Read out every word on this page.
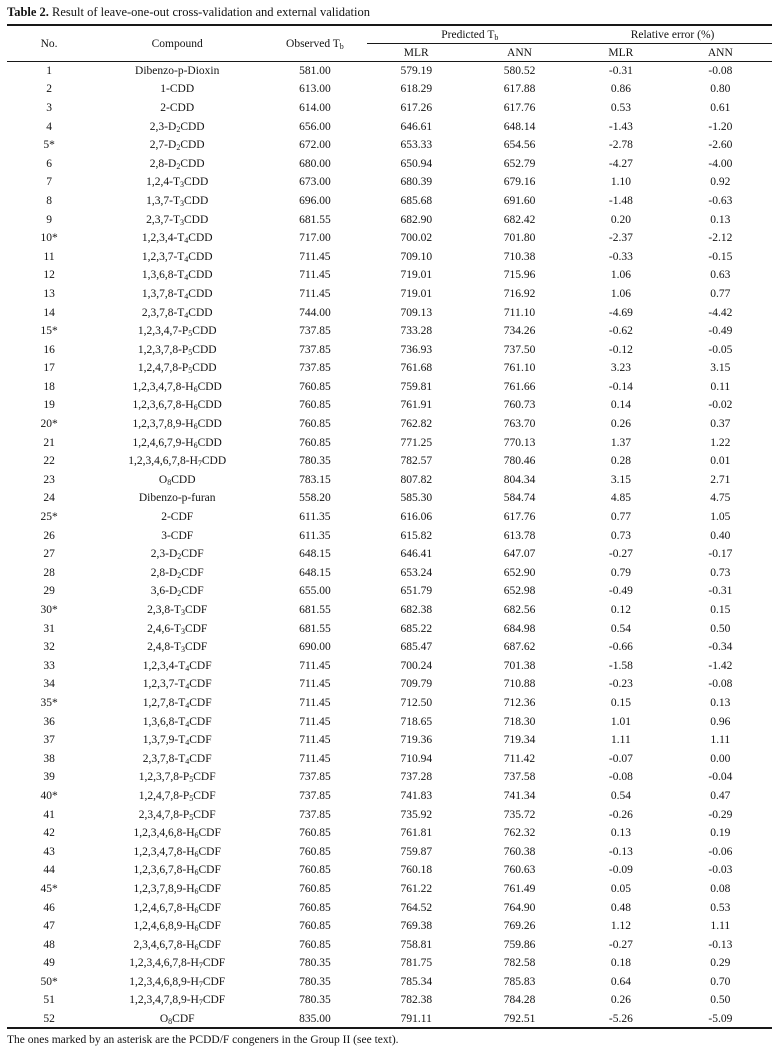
Table 2. Result of leave-one-out cross-validation and external validation
No.	Compound	Observed $T_b$	Predicted $T_b$		Relative error (%)	
			MLR	ANN	MLR	ANN
1	Dibenzo-p-Dioxin	581.00	579.19	580.52	-0.31	-0.08
2	1-CDD	613.00	618.29	617.88	0.86	0.80
3	2-CDD	614.00	617.26	617.76	0.53	0.61
4	$2,3-D_2CDD$	656.00	646.61	648.14	-1.43	-1.20
5*	$2,7-D_2CDD$	672.00	653.33	654.56	-2.78	-2.60
6	$2,8-D_2CDD$	680.00	650.94	652.79	-4.27	-4.00
7	$1,2,4-T_3CDD$	673.00	680.39	679.16	1.10	0.92
8	$1,3,7-T_3CDD$	696.00	685.68	691.60	-1.48	-0.63
9	$2,3,7-T_3CDD$	681.55	682.90	682.42	0.20	0.13
10*	$1,2,3,4-T_4CDD$	717.00	700.02	701.80	-2.37	-2.12
11	$1,2,3,7-T_4CDD$	711.45	709.10	710.38	-0.33	-0.15
12	$1,3,6,8-T_4CDD$	711.45	719.01	715.96	1.06	0.63
13	$1,3,7,8-T_4CDD$	711.45	719.01	716.92	1.06	0.77
14	$2,3,7,8-T_4CDD$	744.00	709.13	711.10	-4.69	-4.42
15*	$1,2,3,4,7-P_5CDD$	737.85	733.28	734.26	-0.62	-0.49
16	$1,2,3,7,8-P_5CDD$	737.85	736.93	737.50	-0.12	-0.05
17	$1,2,4,7,8-P_5CDD$	737.85	761.68	761.10	3.23	3.15
18	$1,2,3,4,7,8-H_6CDD$	760.85	759.81	761.66	-0.14	0.11
19	$1,2,3,6,7,8-H_6CDD$	760.85	761.91	760.73	0.14	-0.02
20*	$1,2,3,7,8,9-H_6CDD$	760.85	762.82	763.70	0.26	0.37
21	$1,2,4,6,7,9-H_6CDD$	760.85	771.25	770.13	1.37	1.22
22	$1,2,3,4,6,7,8-H_7CDD$	780.35	782.57	780.46	0.28	0.01
23	$O_8CDD$	783.15	807.82	804.34	3.15	2.71
24	Dibenzo-p-furan	558.20	585.30	584.74	4.85	4.75
25*	2-CDF	611.35	616.06	617.76	0.77	1.05
26	3-CDF	611.35	615.82	613.78	0.73	0.40
27	$2,3-D_2CDF$	648.15	646.41	647.07	-0.27	-0.17
28	$2,8-D_2CDF$	648.15	653.24	652.90	0.79	0.73
29	$3,6-D_2CDF$	655.00	651.79	652.98	-0.49	-0.31
30*	$2,3,8-T_3CDF$	681.55	682.38	682.56	0.12	0.15
31	$2,4,6-T_3CDF$	681.55	685.22	684.98	0.54	0.50
32	$2,4,8-T_3CDF$	690.00	685.47	687.62	-0.66	-0.34
33	$1,2,3,4-T_4CDF$	711.45	700.24	701.38	-1.58	-1.42
34	$1,2,3,7-T_4CDF$	711.45	709.79	710.88	-0.23	-0.08
35*	$1,2,7,8-T_4CDF$	711.45	712.50	712.36	0.15	0.13
36	$1,3,6,8-T_4CDF$	711.45	718.65	718.30	1.01	0.96
37	$1,3,7,9-T_4CDF$	711.45	719.36	719.34	1.11	1.11
38	$2,3,7,8-T_4CDF$	711.45	710.94	711.42	-0.07	0.00
39	$1,2,3,7,8-P_5CDF$	737.85	737.28	737.58	-0.08	-0.04
40*	$1,2,4,7,8-P_5CDF$	737.85	741.83	741.34	0.54	0.47
41	$2,3,4,7,8-P_5CDF$	737.85	735.92	735.72	-0.26	-0.29
42	$1,2,3,4,6,8-H_6CDF$	760.85	761.81	762.32	0.13	0.19
43	$1,2,3,4,7,8-H_6CDF$	760.85	759.87	760.38	-0.13	-0.06
44	$1,2,3,6,7,8-H_6CDF$	760.85	760.18	760.63	-0.09	-0.03
45*	$1,2,3,7,8,9-H_6CDF$	760.85	761.22	761.49	0.05	0.08
46	$1,2,4,6,7,8-H_6CDF$	760.85	764.52	764.90	0.48	0.53
47	$1,2,4,6,8,9-H_6CDF$	760.85	769.38	769.26	1.12	1.11
48	$2,3,4,6,7,8-H_6CDF$	760.85	758.81	759.86	-0.27	-0.13
49	$1,2,3,4,6,7,8-H_7CDF$	780.35	781.75	782.58	0.18	0.29
50*	$1,2,3,4,6,8,9-H_7CDF$	780.35	785.34	785.83	0.64	0.70
51	$1,2,3,4,7,8,9-H_7CDF$	780.35	782.38	784.28	0.26	0.50
52	$O_8CDF$	835.00	791.11	792.51	-5.26	-5.09
The ones marked by an asterisk are the PCDD/F congeners in the Group II (see text).
